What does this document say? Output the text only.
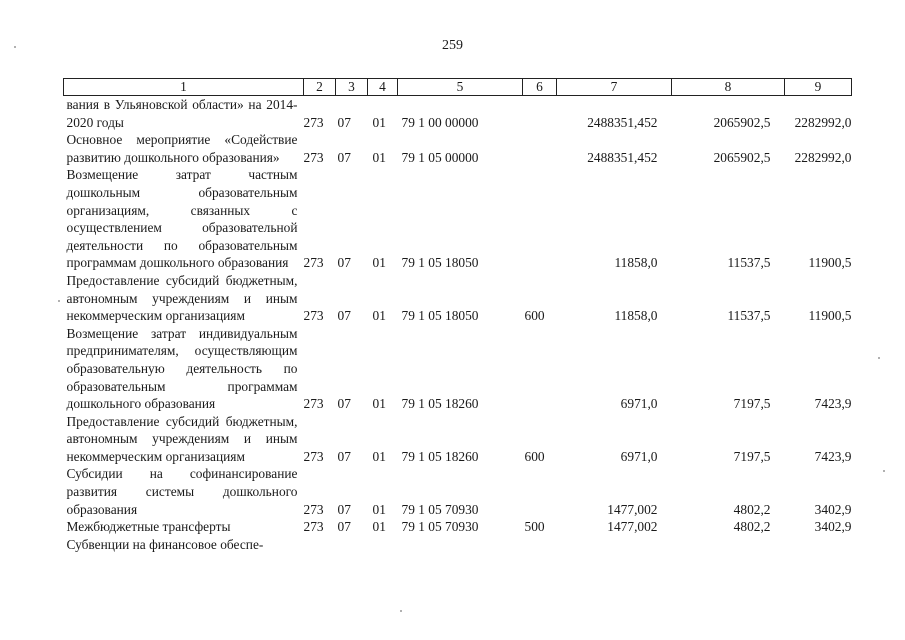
259
1	2	3	4	5	6	7	8	9
вания в Ульяновской области» на 2014-2020 годы	273	07	01	79 1 00 00000		2488351,452	2065902,5	2282992,0
Основное мероприятие «Содействие развитию дошкольного образования»	273	07	01	79 1 05 00000		2488351,452	2065902,5	2282992,0
Возмещение затрат частным дошкольным образовательным организациям, связанных с осуществлением образовательной деятельности по образовательным программам дошкольного образования	273	07	01	79 1 05 18050		11858,0	11537,5	11900,5
Предоставление субсидий бюджетным, автономным учреждениям и иным некоммерческим организациям	273	07	01	79 1 05 18050	600	11858,0	11537,5	11900,5
Возмещение затрат индивидуальным предпринимателям, осуществляющим образовательную деятельность по образовательным программам дошкольного образования	273	07	01	79 1 05 18260		6971,0	7197,5	7423,9
Предоставление субсидий бюджетным, автономным учреждениям и иным некоммерческим организациям	273	07	01	79 1 05 18260	600	6971,0	7197,5	7423,9
Субсидии на софинансирование развития системы дошкольного образования	273	07	01	79 1 05 70930		1477,002	4802,2	3402,9
Межбюджетные трансферты	273	07	01	79 1 05 70930	500	1477,002	4802,2	3402,9
Субвенции на финансовое обеспе-								
